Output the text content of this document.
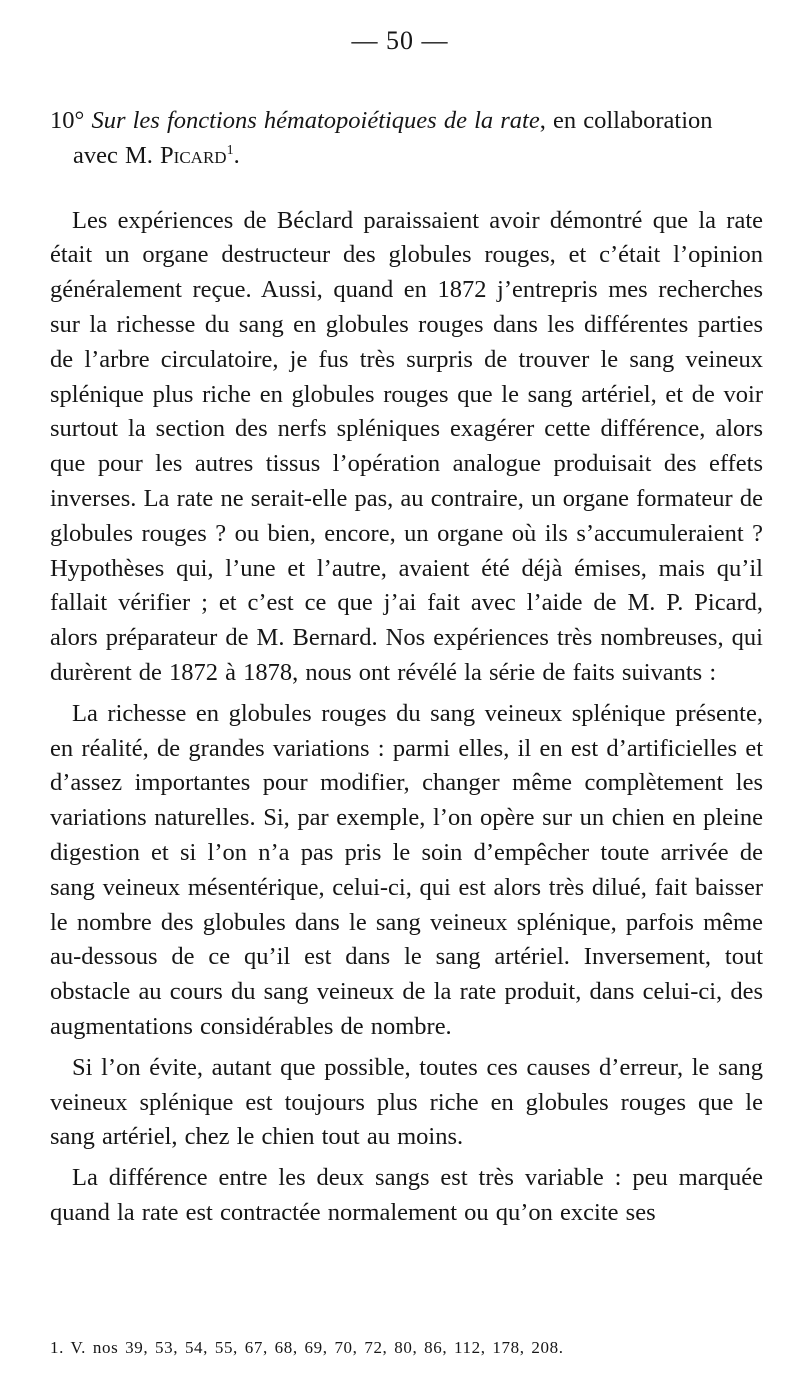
— 50 —
10° Sur les fonctions hématopoiétiques de la rate, en collaboration
avec M. Picard$^1$.

Les expériences de Béclard paraissaient avoir démontré que la rate était un organe destructeur des globules rouges, et c’était l’opinion généralement reçue. Aussi, quand en 1872 j’entrepris mes recherches sur la richesse du sang en globules rouges dans les différentes parties de l’arbre circulatoire, je fus très surpris de trouver le sang veineux splénique plus riche en globules rouges que le sang artériel, et de voir surtout la section des nerfs spléniques exagérer cette différence, alors que pour les autres tissus l’opération analogue produisait des effets inverses. La rate ne serait-elle pas, au contraire, un organe formateur de globules rouges ? ou bien, encore, un organe où ils s’accumuleraient ? Hypothèses qui, l’une et l’autre, avaient été déjà émises, mais qu’il fallait vérifier ; et c’est ce que j’ai fait avec l’aide de M. P. Picard, alors préparateur de M. Bernard. Nos expériences très nombreuses, qui durèrent de 1872 à 1878, nous ont révélé la série de faits suivants :

La richesse en globules rouges du sang veineux splénique présente, en réalité, de grandes variations : parmi elles, il en est d’artificielles et d’assez importantes pour modifier, changer même complètement les variations naturelles. Si, par exemple, l’on opère sur un chien en pleine digestion et si l’on n’a pas pris le soin d’empêcher toute arrivée de sang veineux mésentérique, celui-ci, qui est alors très dilué, fait baisser le nombre des globules dans le sang veineux splénique, parfois même au-dessous de ce qu’il est dans le sang artériel. Inversement, tout obstacle au cours du sang veineux de la rate produit, dans celui-ci, des augmentations considérables de nombre.

Si l’on évite, autant que possible, toutes ces causes d’erreur, le sang veineux splénique est toujours plus riche en globules rouges que le sang artériel, chez le chien tout au moins.

La différence entre les deux sangs est très variable : peu marquée quand la rate est contractée normalement ou qu’on excite ses

1. V. nos 39, 53, 54, 55, 67, 68, 69, 70, 72, 80, 86, 112, 178, 208.
